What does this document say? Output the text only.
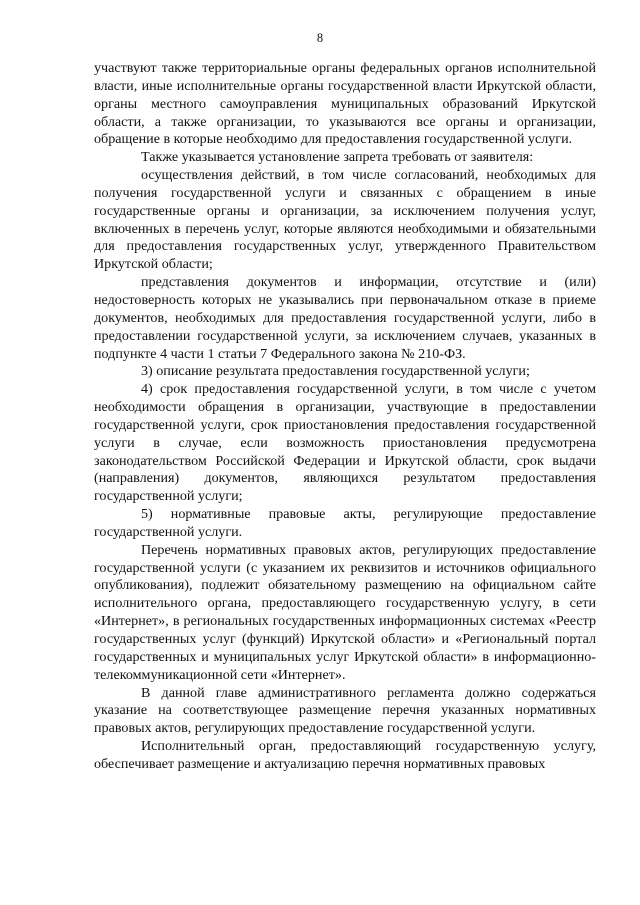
8

участвуют также территориальные органы федеральных органов исполнительной власти, иные исполнительные органы государственной власти Иркутской области, органы местного самоуправления муниципальных образований Иркутской области, а также организации, то указываются все органы и организации, обращение в которые необходимо для предоставления государственной услуги.

Также указывается установление запрета требовать от заявителя:

осуществления действий, в том числе согласований, необходимых для получения государственной услуги и связанных с обращением в иные государственные органы и организации, за исключением получения услуг, включенных в перечень услуг, которые являются необходимыми и обязательными для предоставления государственных услуг, утвержденного Правительством Иркутской области;

представления документов и информации, отсутствие и (или) недостоверность которых не указывались при первоначальном отказе в приеме документов, необходимых для предоставления государственной услуги, либо в предоставлении государственной услуги, за исключением случаев, указанных в подпункте 4 части 1 статьи 7 Федерального закона № 210-ФЗ.

3) описание результата предоставления государственной услуги;

4) срок предоставления государственной услуги, в том числе с учетом необходимости обращения в организации, участвующие в предоставлении государственной услуги, срок приостановления предоставления государственной услуги в случае, если возможность приостановления предусмотрена законодательством Российской Федерации и Иркутской области, срок выдачи (направления) документов, являющихся результатом предоставления государственной услуги;

5) нормативные правовые акты, регулирующие предоставление государственной услуги.

Перечень нормативных правовых актов, регулирующих предоставление государственной услуги (с указанием их реквизитов и источников официального опубликования), подлежит обязательному размещению на официальном сайте исполнительного органа, предоставляющего государственную услугу, в сети «Интернет», в региональных государственных информационных системах «Реестр государственных услуг (функций) Иркутской области» и «Региональный портал государственных и муниципальных услуг Иркутской области» в информационно-телекоммуникационной сети «Интернет».

В данной главе административного регламента должно содержаться указание на соответствующее размещение перечня указанных нормативных правовых актов, регулирующих предоставление государственной услуги.

Исполнительный орган, предоставляющий государственную услугу, обеспечивает размещение и актуализацию перечня нормативных правовых
